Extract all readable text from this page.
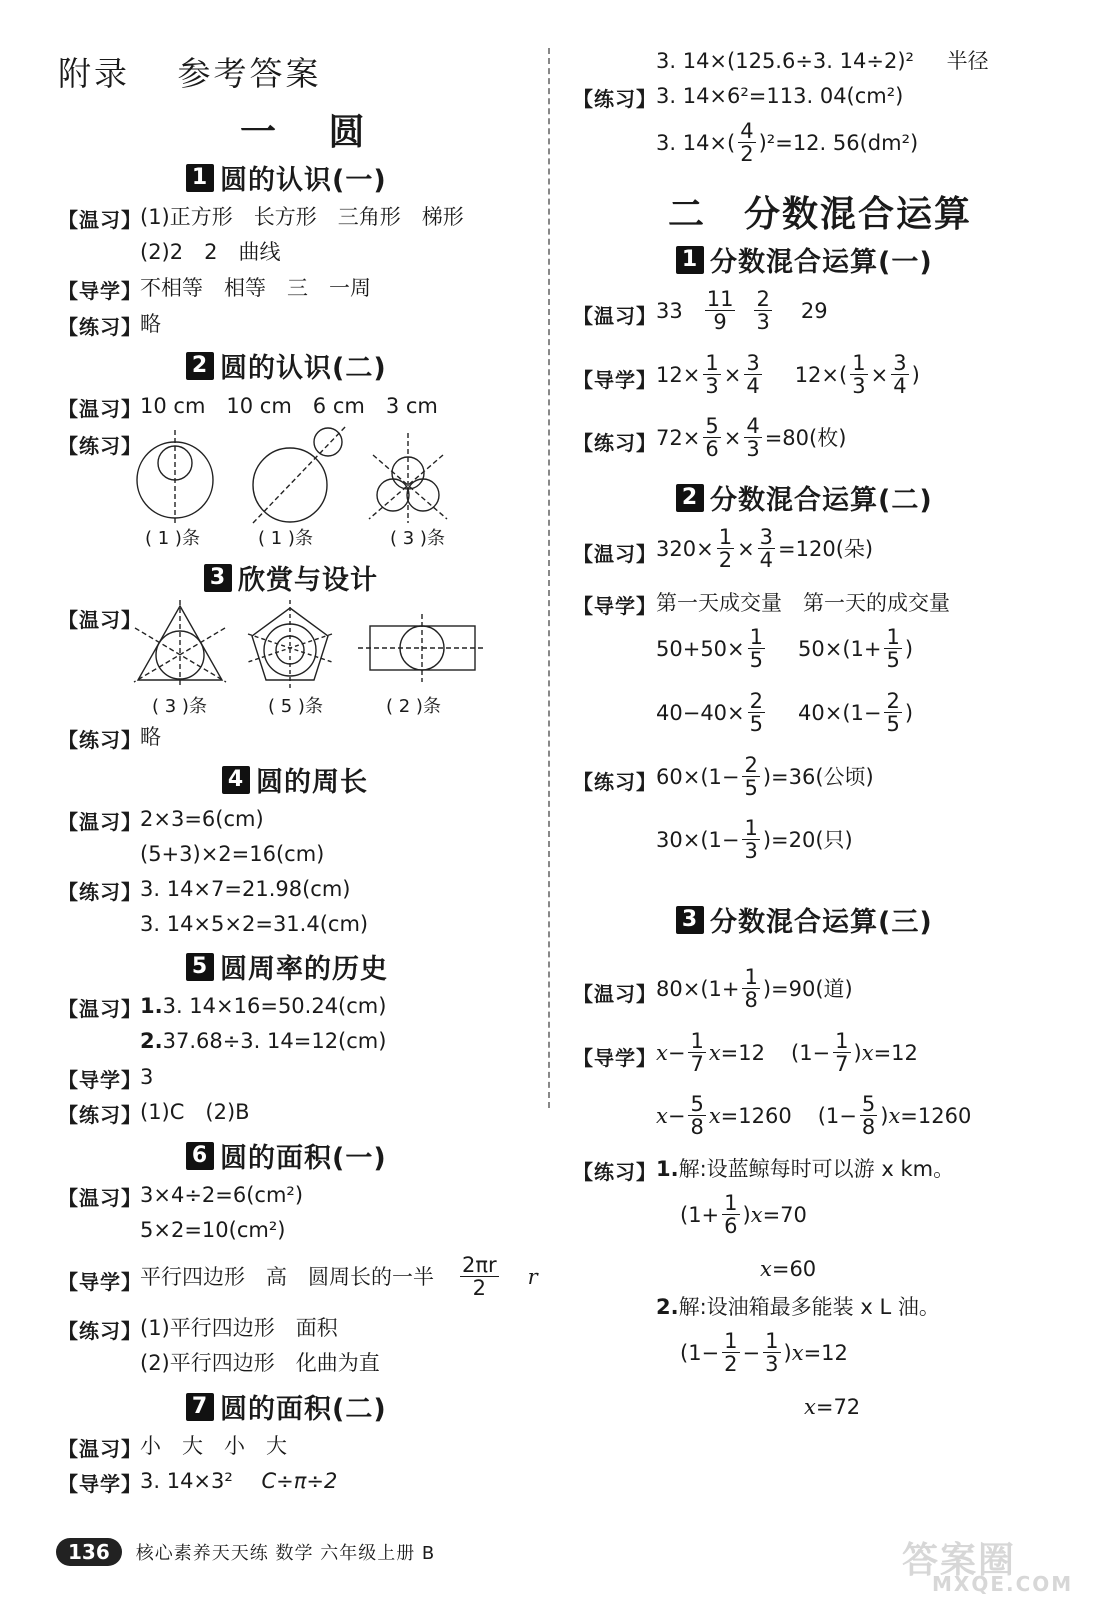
附录 参考答案
一 圆
1 圆的认识(一)
【温习】
(1)正方形　长方形　三角形　梯形
(2)2　2　曲线
【导学】
不相等　相等　三　一周
【练习】
略
2 圆的认识(二)
【温习】
10 cm　10 cm　6 cm　3 cm
【练习】
( 1 )条	( 1 )条	( 3 )条
3 欣赏与设计
【温习】
( 3 )条	( 5 )条	( 2 )条
【练习】
略
4 圆的周长
【温习】
2×3=6(cm)
(5+3)×2=16(cm)
【练习】
3. 14×7=21.98(cm)
3. 14×5×2=31.4(cm)
5 圆周率的历史
【温习】
1.3. 14×16=50.24(cm)
2.37.68÷3. 14=12(cm)
【导学】
3
【练习】
(1)C　(2)B
6 圆的面积(一)
【温习】
3×4÷2=6(cm²)
5×2=10(cm²)
【导学】
平行四边形　高　圆周长的一半 $\frac{2\pi r}{2}$ r
【练习】
(1)平行四边形　面积
(2)平行四边形　化曲为直
7 圆的面积(二)
【温习】
小　大　小　大
【导学】
3. 14×3² C÷π÷2
136	核心素养天天练 数学 六年级上册 B	答案圈
MXQE.COM
3. 14×(125.6÷3. 14÷2)² 半径
【练习】 3. 14×6²=113. 04(cm²)
3. $14\times( \frac{4}{2} )^2=12$. 56(dm²)
二　分数混合运算
1 分数混合运算(一)
【温习】 $33 \frac{11}{9} \frac{2}{3} 29$
【导学】 $12\times \frac{1}{3} \times \frac{3}{4} 12\times( \frac{1}{3} \times \frac{3}{4}$ )
【练习】 $72\times \frac{5}{6} \times \frac{4}{3} =80$(枚)
2 分数混合运算(二)
【温习】 $320\times \frac{1}{2} \times \frac{3}{4} =120$(朵)
【导学】 第一天成交量　第一天的成交量
$50+50\times \frac{1}{5} 50\times(1+ \frac{1}{5}$ )
$40-40\times \frac{2}{5} 40\times(1- \frac{2}{5}$ )
【练习】 $60\times(1- \frac{2}{5} )=36$(公顷)
$30\times(1- \frac{1}{3} )=20$(只)
3 分数混合运算(三)
【温习】 $80\times(1+ \frac{1}{8} )=90$(道)
【导学】 $x - \frac{1}{7}$ x =12 ($1- \frac{1}{7}$ ) x =12
$x - \frac{5}{8}$ x =1260 ($1- \frac{5}{8}$ ) x =1260
【练习】 1.解:设蓝鲸每时可以游 x km。
($1+ \frac{1}{6}$ ) x =70
x=60
2.解:设油箱最多能装 x L 油。
($1- \frac{1}{2} - \frac{1}{3}$ ) x =12
x=72
